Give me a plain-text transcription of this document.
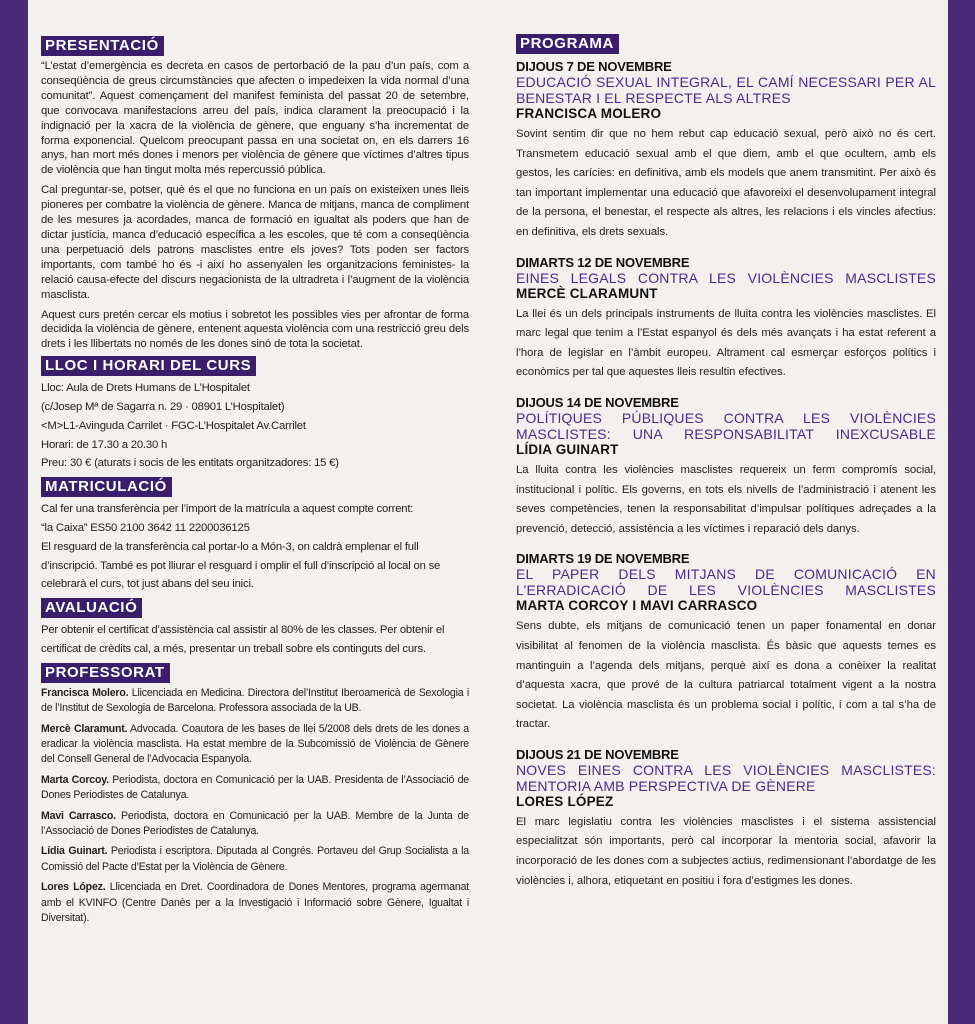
PRESENTACIÓ

“L’estat d’emergència es decreta en casos de pertorbació de la pau d’un país, com a conseqüència de greus circumstàncies que afecten o impedeixen la vida normal d’una comunitat”. Aquest començament del manifest feminista del passat 20 de setembre, que convocava manifestacions arreu del país, indica clarament la preocupació i la indignació per la xacra de la violència de gènere, que enguany s’ha incrementat de forma exponencial. Quelcom preocupant passa en una societat on, en els darrers 16 anys, han mort més dones i menors per violència de gènere que víctimes d’altres tipus de violència que han tingut molta més repercussió pública.

Cal preguntar-se, potser, què és el que no funciona en un país on existeixen unes lleis pioneres per combatre la violència de gènere. Manca de mitjans, manca de compliment de les mesures ja acordades, manca de formació en igualtat als poders que han de dictar justícia, manca d’educació específica a les escoles, que té com a conseqüència una perpetuació dels patrons masclistes entre els joves? Tots poden ser factors importants, com també ho és -i així ho assenyalen les organitzacions feministes- la relació causa-efecte del discurs negacionista de la ultradreta i l’augment de la violència masclista.

Aquest curs pretén cercar els motius i sobretot les possibles vies per afrontar de forma decidida la violència de gènere, entenent aquesta violència com una restricció greu dels drets i les llibertats no només de les dones sinó de tota la societat.

LLOC I HORARI DEL CURS

Lloc: Aula de Drets Humans de L’Hospitalet

(c/Josep Mª de Sagarra n. 29 · 08901 L’Hospitalet)

<M>L1-Avinguda Carrilet · FGC-L’Hospitalet Av.Carrilet

Horari: de 17.30 a 20.30 h

Preu: 30 € (aturats i socis de les entitats organitzadores: 15 €)

MATRICULACIÓ

Cal fer una transferència per l’import de la matrícula a aquest compte corrent:

“la Caixa” ES50 2100 3642 11 2200036125

El resguard de la transferència cal portar-lo a Món-3, on caldrà emplenar el full d’inscripció. També es pot lliurar el resguard i omplir el full d’inscripció al local on se celebrarà el curs, tot just abans del seu inici.

AVALUACIÓ

Per obtenir el certificat d’assistència cal assistir al 80% de les classes. Per obtenir el certificat de crèdits cal, a més, presentar un treball sobre els continguts del curs.

PROFESSORAT

Francisca Molero. Llicenciada en Medicina. Directora del’Institut Iberoamericà de Sexologia i de l’Institut de Sexologia de Barcelona. Professora associada de la UB.

Mercè Claramunt. Advocada. Coautora de les bases de llei 5/2008 dels drets de les dones a eradicar la violència masclista. Ha estat membre de la Subcomissió de Violència de Gènere del Consell General de l’Advocacia Espanyola.

Marta Corcoy. Periodista, doctora en Comunicació per la UAB. Presidenta de l’Associació de Dones Periodistes de Catalunya.

Mavi Carrasco. Periodista, doctora en Comunicació per la UAB. Membre de la Junta de l’Associació de Dones Periodistes de Catalunya.

Lídia Guinart. Periodista i escriptora. Diputada al Congrés. Portaveu del Grup Socialista a la Comissió del Pacte d’Estat per la Violència de Gènere.

Lores López. Llicenciada en Dret. Coordinadora de Dones Mentores, programa agermanat amb el KVINFO (Centre Danès per a la Investigació i Informació sobre Gènere, Igualtat i Diversitat).

PROGRAMA
DIJOUS 7 DE NOVEMBRE
EDUCACIÓ SEXUAL INTEGRAL, EL CAMÍ NECESSARI PER AL
BENESTAR I EL RESPECTE ALS ALTRES
FRANCISCA MOLERO

Sovint sentim dir que no hem rebut cap educació sexual, però això no és cert. Transmetem educació sexual amb el que diem, amb el que ocultem, amb els gestos, les carícies: en definitiva, amb els models que anem transmitint. Per això és tan important implementar una educació que afavoreixi el desenvolupament integral de la persona, el benestar, el respecte als altres, les relacions i els vincles afectius: en definitiva, els drets sexuals.

DIMARTS 12 DE NOVEMBRE
EINES LEGALS CONTRA LES VIOLÈNCIES MASCLISTES
MERCÈ CLARAMUNT

La llei és un dels principals instruments de lluita contra les violències masclistes. El marc legal que tenim a l’Estat espanyol és dels més avançats i ha estat referent a l’hora de legislar en l’àmbit europeu. Altrament cal esmerçar esforços polítics i econòmics per tal que aquestes lleis resultin efectives.

DIJOUS 14 DE NOVEMBRE
POLÍTIQUES PÚBLIQUES CONTRA LES VIOLÈNCIES
MASCLISTES: UNA RESPONSABILITAT INEXCUSABLE
LÍDIA GUINART

La lluita contra les violències masclistes requereix un ferm compromís social, institucional i polític. Els governs, en tots els nivells de l’administració i atenent les seves competències, tenen la responsabilitat d’impulsar polítiques adreçades a la prevenció, detecció, assistència a les víctimes i reparació dels danys.

DIMARTS 19 DE NOVEMBRE
EL PAPER DELS MITJANS DE COMUNICACIÓ EN
L’ERRADICACIÓ DE LES VIOLÈNCIES MASCLISTES
MARTA CORCOY I MAVI CARRASCO

Sens dubte, els mitjans de comunicació tenen un paper fonamental en donar visibilitat al fenomen de la violència masclista. És bàsic que aquests temes es mantinguin a l’agenda dels mitjans, perquè així es dona a conèixer la realitat d’aquesta xacra, que prové de la cultura patriarcal totalment vigent a la nostra societat. La violència masclista és un problema social i polític, i com a tal s’ha de tractar.

DIJOUS 21 DE NOVEMBRE
NOVES EINES CONTRA LES VIOLÈNCIES MASCLISTES:
MENTORIA AMB PERSPECTIVA DE GÈNERE
LORES LÓPEZ

El marc legislatiu contra les violències masclistes i el sistema assistencial especialitzat són importants, però cal incorporar la mentoria social, afavorir la incorporació de les dones com a subjectes actius, redimensionant l’abordatge de les violències i, alhora, etiquetant en positiu i fora d’estigmes les dones.
